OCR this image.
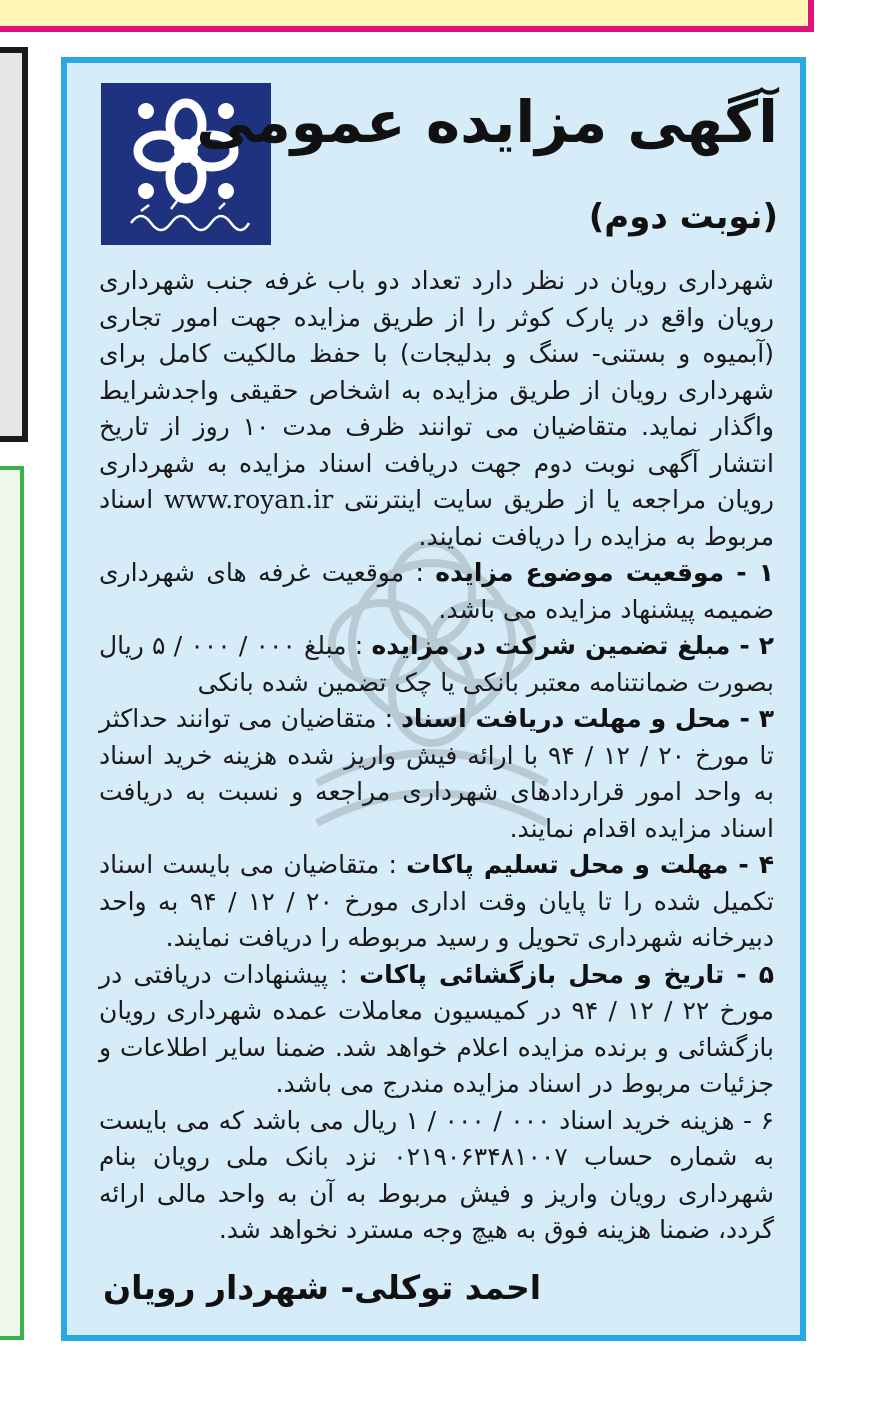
آگهی مزایده عمومی
(نوبت دوم)

شهرداری رویان در نظر دارد تعداد دو باب غرفه جنب شهرداری رویان واقع در پارک کوثر را از طریق مزایده جهت امور تجاری (آبمیوه و بستنی- سنگ و بدلیجات) با حفظ مالکیت کامل برای شهرداری رویان از طریق مزایده به اشخاص حقیقی واجدشرایط واگذار نماید. متقاضیان می توانند ظرف مدت ۱۰ روز از تاریخ انتشار آگهی نوبت دوم جهت دریافت اسناد مزایده به شهرداری رویان مراجعه یا از طریق سایت اینترنتی www.royan.ir اسناد مربوط به مزایده را دریافت نمایند.

۱ - موقعیت موضوع مزایده : موقعیت غرفه های شهرداری ضمیمه پیشنهاد مزایده می باشد.

۲ - مبلغ تضمین شرکت در مزایده : مبلغ ۰۰۰ / ۰۰۰ / ۵ ریال بصورت ضمانتنامه معتبر بانکی یا چک تضمین شده بانکی

۳ - محل و مهلت دریافت اسناد : متقاضیان می توانند حداکثر تا مورخ ۲۰ / ۱۲ / ۹۴ با ارائه فیش واریز شده هزینه خرید اسناد به واحد امور قراردادهای شهرداری مراجعه و نسبت به دریافت اسناد مزایده اقدام نمایند.

۴ - مهلت و محل تسلیم پاکات : متقاضیان می بایست اسناد تکمیل شده را تا پایان وقت اداری مورخ ۲۰ / ۱۲ / ۹۴ به واحد دبیرخانه شهرداری تحویل و رسید مربوطه را دریافت نمایند.

۵ - تاریخ و محل بازگشائی پاکات : پیشنهادات دریافتی در مورخ ۲۲ / ۱۲ / ۹۴ در کمیسیون معاملات عمده شهرداری رویان بازگشائی و برنده مزایده اعلام خواهد شد. ضمنا سایر اطلاعات و جزئیات مربوط در اسناد مزایده مندرج می باشد.

۶ - هزینه خرید اسناد ۰۰۰ / ۰۰۰ / ۱ ریال می باشد که می بایست به شماره حساب ۰۲۱۹۰۶۳۴۸۱۰۰۷ نزد بانک ملی رویان بنام شهرداری رویان واریز و فیش مربوط به آن به واحد مالی ارائه گردد، ضمنا هزینه فوق به هیچ وجه مسترد نخواهد شد.

احمد توکلی- شهردار رویان
